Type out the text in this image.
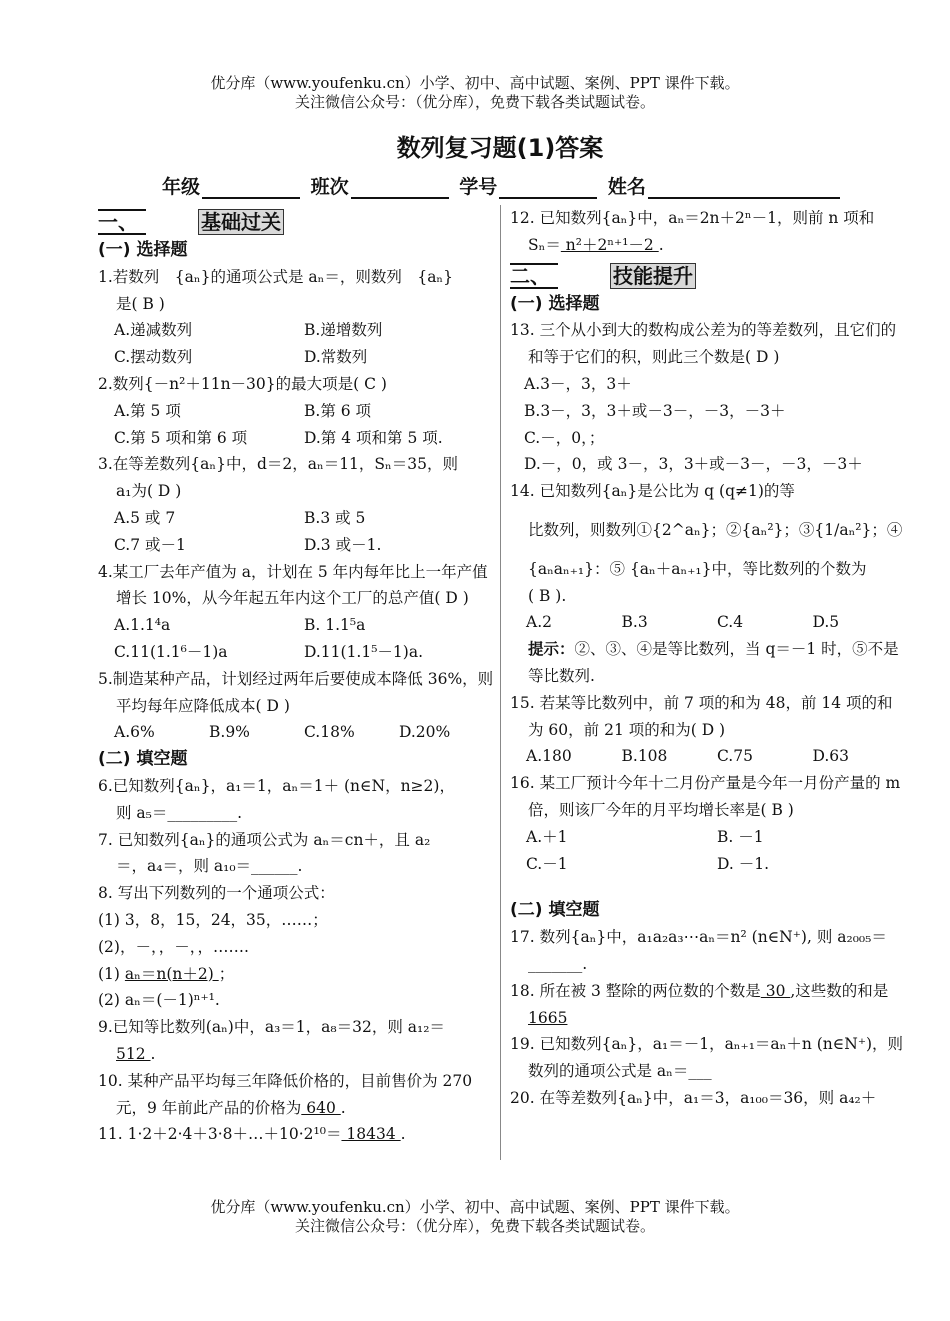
优分库（www.youfenku.cn）小学、初中、高中试题、案例、PPT 课件下载。
关注微信公众号：（优分库），免费下载各类试题试卷。
数列复习题(1)答案
年级	班次	学号	姓名
一、	基础过关

(一) 选择题

1.若数列　{aₙ}的通项公式是 aₙ＝，则数列　{aₙ}

是( B )

A.递减数列	B.递增数列
C.摆动数列	D.常数列

2.数列{－n²＋11n－30}的最大项是( C )

A.第 5 项	B.第 6 项
C.第 5 项和第 6 项	D.第 4 项和第 5 项.

3.在等差数列{aₙ}中，d＝2，aₙ＝11，Sₙ＝35，则

a₁为( D )

A.5 或 7	B.3 或 5
C.7 或－1	D.3 或－1.

4.某工厂去年产值为 a，计划在 5 年内每年比上一年产值增长 10%，从今年起五年内这个工厂的总产值( D )

A.1.1⁴a	B. 1.1⁵a
C.11(1.1⁶－1)a	D.11(1.1⁵－1)a.

5.制造某种产品，计划经过两年后要使成本降低 36%，则平均每年应降低成本( D )

A.6%	B.9%	C.18%	D.20%

(二) 填空题

6.已知数列{aₙ}，a₁＝1，aₙ＝1＋ (n∈N，n≥2)，

则 a₅＝_________.

7. 已知数列{aₙ}的通项公式为 aₙ＝cn＋，且 a₂

＝，a₄＝，则 a₁₀＝______.

8. 写出下列数列的一个通项公式：

(1) 3，8，15，24，35，……；

(2)，－，，－，，…….

(1) aₙ＝n(n＋2) ；

(2) aₙ＝(－1)ⁿ⁺¹.

9.已知等比数列(aₙ)中，a₃＝1，a₈＝32，则 a₁₂＝

512 .

10. 某种产品平均每三年降低价格的，目前售价为 270 元，9 年前此产品的价格为 640 .

11. 1·2＋2·4＋3·8＋…＋10·2¹⁰＝ 18434 .

12. 已知数列{aₙ}中，aₙ＝2n＋2ⁿ－1，则前 n 项和

Sₙ＝ n²＋2ⁿ⁺¹－2 .

二、	技能提升

(一) 选择题

13. 三个从小到大的数构成公差为的等差数列，且它们的和等于它们的积，则此三个数是( D )

A.3－，3，3＋

B.3－，3，3＋或－3－，－3，－3＋

C.－，0，；

D.－，0，或 3－，3，3＋或－3－，－3，－3＋

14. 已知数列{aₙ}是公比为 q (q≠1)的等

比数列，则数列①{2^aₙ}；②{aₙ²}；③{1/aₙ²}；④

{aₙaₙ₊₁}：⑤ {aₙ＋aₙ₊₁}中，等比数列的个数为

( B ).

A.2	B.3	C.4	D.5

提示：②、③、④是等比数列，当 q＝－1 时，⑤不是等比数列.

15. 若某等比数列中，前 7 项的和为 48，前 14 项的和为 60，前 21 项的和为( D )

A.180	B.108	C.75	D.63

16. 某工厂预计今年十二月份产量是今年一月份产量的 m 倍，则该厂今年的月平均增长率是( B )

A.＋1	B. －1
C.－1	D. －1.

(二) 填空题

17. 数列{aₙ}中，a₁a₂a₃⋯aₙ＝n² (n∈N⁺), 则 a₂₀₀₅＝

_______.

18. 所在被 3 整除的两位数的个数是 30 ,这些数的和是 1665

19. 已知数列{aₙ}，a₁＝－1，aₙ₊₁＝aₙ＋n (n∈N⁺)，则数列的通项公式是 aₙ＝___

20. 在等差数列{aₙ}中，a₁＝3，a₁₀₀＝36，则 a₄₂＋

优分库（www.youfenku.cn）小学、初中、高中试题、案例、PPT 课件下载。
关注微信公众号：（优分库），免费下载各类试题试卷。
